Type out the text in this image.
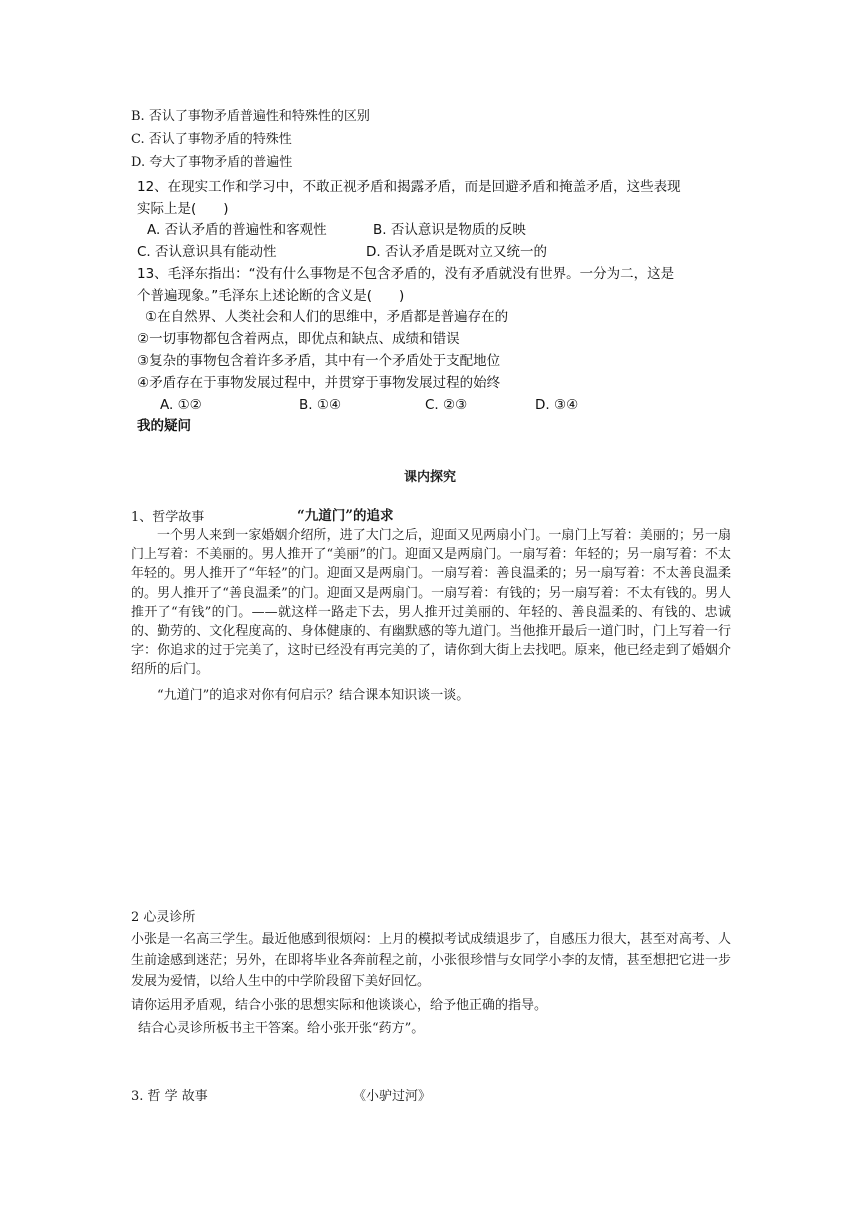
B. 否认了事物矛盾普遍性和特殊性的区别
C. 否认了事物矛盾的特殊性
D. 夸大了事物矛盾的普遍性
12、在现实工作和学习中，不敢正视矛盾和揭露矛盾，而是回避矛盾和掩盖矛盾，这些表现
实际上是(　　)
A. 否认矛盾的普遍性和客观性	B. 否认意识是物质的反映
C. 否认意识具有能动性	D. 否认矛盾是既对立又统一的
13、毛泽东指出：“没有什么事物是不包含矛盾的，没有矛盾就没有世界。一分为二，这是
个普遍现象。”毛泽东上述论断的含义是(　　)
①在自然界、人类社会和人们的思维中，矛盾都是普遍存在的
②一切事物都包含着两点，即优点和缺点、成绩和错误
③复杂的事物包含着许多矛盾，其中有一个矛盾处于支配地位
④矛盾存在于事物发展过程中，并贯穿于事物发展过程的始终
A. ①②	B. ①④	C. ②③	D. ③④
我的疑问
课内探究
1、哲学故事	“九道门”的追求
一个男人来到一家婚姻介绍所，进了大门之后，迎面又见两扇小门。一扇门上写着：美丽的；另一扇门上写着：不美丽的。男人推开了“美丽”的门。迎面又是两扇门。一扇写着：年轻的；另一扇写着：不太年轻的。男人推开了“年轻”的门。迎面又是两扇门。一扇写着：善良温柔的；另一扇写着：不太善良温柔的。男人推开了“善良温柔”的门。迎面又是两扇门。一扇写着：有钱的；另一扇写着：不太有钱的。男人推开了“有钱”的门。——就这样一路走下去，男人推开过美丽的、年轻的、善良温柔的、有钱的、忠诚的、勤劳的、文化程度高的、身体健康的、有幽默感的等九道门。当他推开最后一道门时，门上写着一行字：你追求的过于完美了，这时已经没有再完美的了，请你到大街上去找吧。原来，他已经走到了婚姻介绍所的后门。
“九道门”的追求对你有何启示？结合课本知识谈一谈。
2 心灵诊所
小张是一名高三学生。最近他感到很烦闷：上月的模拟考试成绩退步了，自感压力很大，甚至对高考、人生前途感到迷茫；另外，在即将毕业各奔前程之前，小张很珍惜与女同学小李的友情，甚至想把它进一步发展为爱情，以给人生中的中学阶段留下美好回忆。
请你运用矛盾观，结合小张的思想实际和他谈谈心，给予他正确的指导。
结合心灵诊所板书主干答案。给小张开张“药方”。
3. 哲 学 故事	《小驴过河》
